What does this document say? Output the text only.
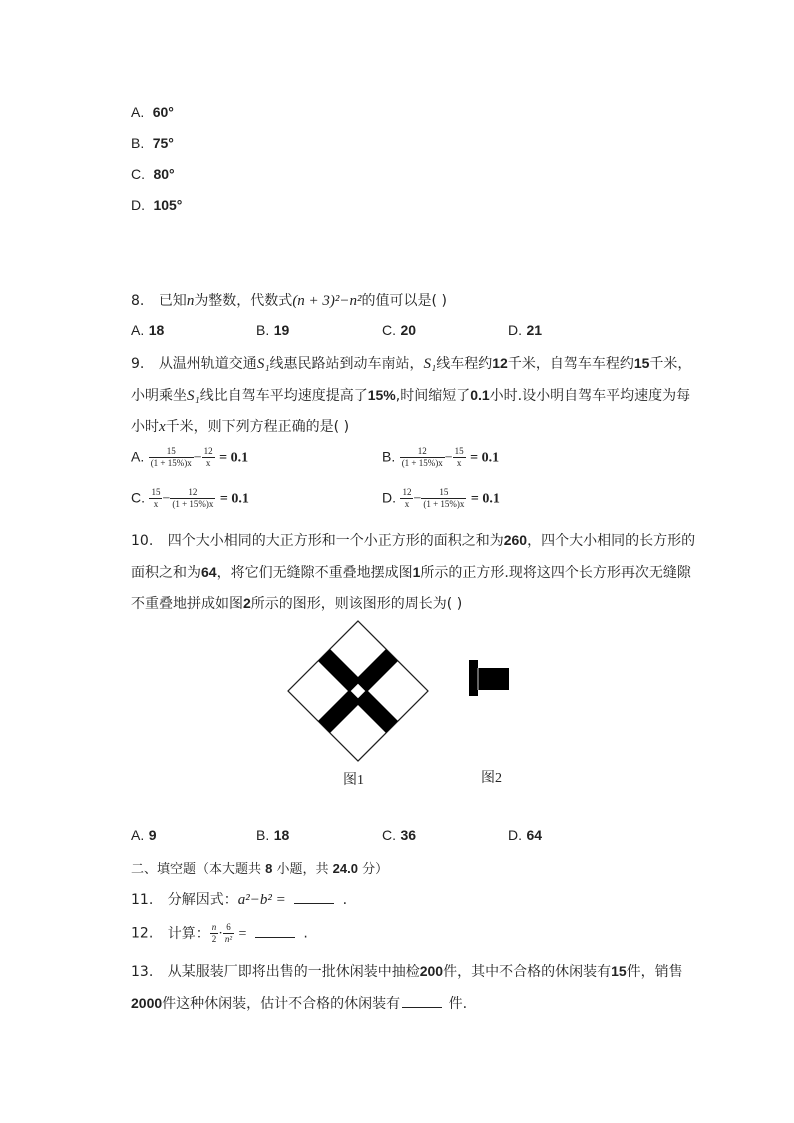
A. 60°
B. 75°
C. 80°
D. 105°
8. 已知n为整数，代数式(n + 3)²−n²的值可以是( )
A. 18	B. 19	C. 20	D. 21
9. 从温州轨道交通S₁线惠民路站到动车南站，S₁线车程约12千米，自驾车车程约15千米，
小明乘坐S₁线比自驾车平均速度提高了15%,时间缩短了0.1小时.设小明自驾车平均速度为每
小时x千米，则下列方程正确的是( )
A. $\frac{15}{(1 + 15\%)x} - \frac{12}{x} = 0.1$	B. $\frac{12}{(1 + 15\%)x} - \frac{15}{x} = 0.1$
C. $\frac{15}{x} - \frac{12}{(1 + 15\%)x} = 0.1$	D. $\frac{12}{x} - \frac{15}{(1 + 15\%)x} = 0.1$
10. 四个大小相同的大正方形和一个小正方形的面积之和为260，四个大小相同的长方形的
面积之和为64，将它们无缝隙不重叠地摆成图1所示的正方形.现将这四个长方形再次无缝隙
不重叠地拼成如图2所示的图形，则该图形的周长为( )
图1	图2
A. 9	B. 18	C. 36	D. 64
二、填空题（本大题共 8 小题，共 24.0 分）
11. 分解因式：a²−b² =	.
12. 计算： $\frac{n}{2} \cdot \frac{6}{\text{n²}}$ =	.
13. 从某服装厂即将出售的一批休闲装中抽检200件，其中不合格的休闲装有15件，销售
2000件这种休闲装，估计不合格的休闲装有	件.
